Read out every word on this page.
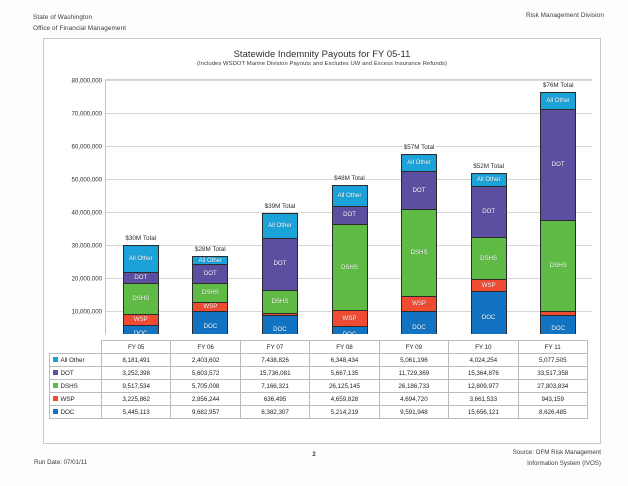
State of Washington
Office of Financial Management
Risk Management Division
Statewide Indemnity Payouts for FY 05-11
(Includes WSDOT Marine Division Payouts and Excludes UW and Excess Insurance Refunds)
80,000,000
70,000,000
60,000,000
50,000,000
40,000,000
30,000,000
20,000,000
10,000,000
All Other
DOT
DSHS
WSP
$30M Total
All Other
DOT
DSHS
WSP
DOC
$28M Total
All Other
DOT
DSHS
DOC
$39M Total
All Other
DOT
DSHS
WSP
$48M Total
All Other
DOT
DSHS
WSP
DOC
$57M Total
All Other
DOT
DSHS
WSP
DOC
$52M Total
All Other
DOT
DSHS
DOC
$76M Total
	FY 05	FY 06	FY 07	FY 08	FY 09	FY 10	FY 11
All Other	8,181,491	2,403,602	7,438,826	6,348,434	5,061,196	4,024,254	5,077,505
DOT	3,252,398	5,603,572	15,736,081	5,667,135	11,729,369	15,364,876	33,517,358
DSHS	9,517,534	5,705,008	7,166,321	26,125,145	26,186,733	12,809,977	27,803,834
WSP	3,225,862	2,856,244	636,495	4,659,828	4,694,720	3,661,533	943,159
DOC	5,445,113	9,682,957	8,382,307	5,214,219	9,591,948	15,656,121	8,626,485
Run Date: 07/01/11
2	Source: OFM Risk Management
Information System (IVOS)
